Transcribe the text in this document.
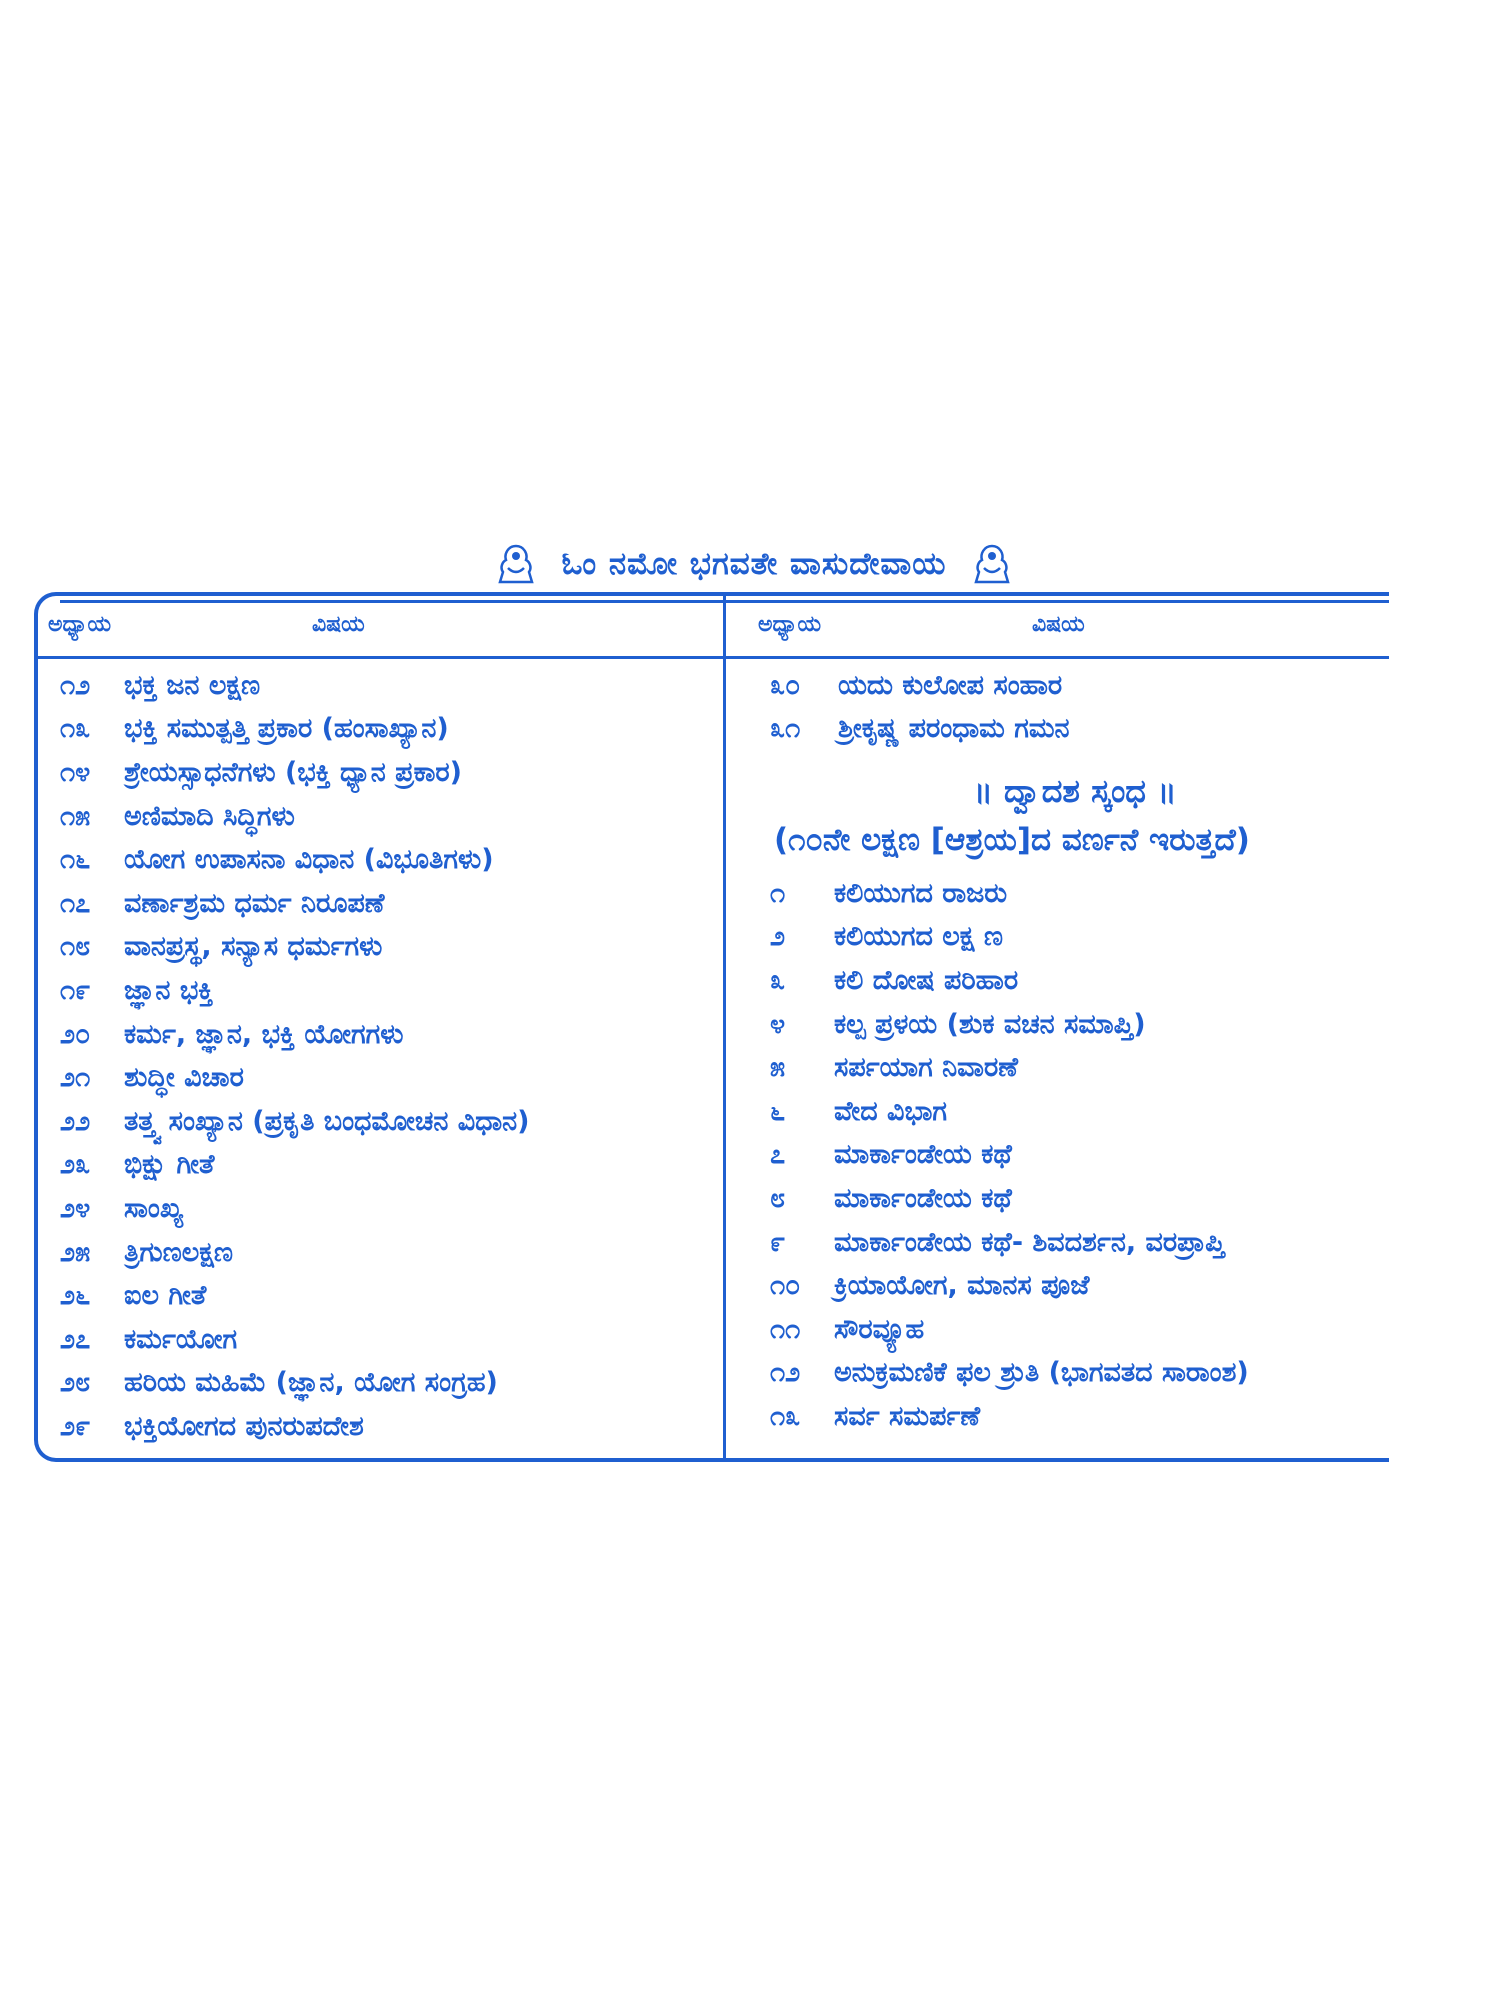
ಓಂ ನಮೋ ಭಗವತೇ ವಾಸುದೇವಾಯ
ಅಧ್ಯಾಯ	ವಿಷಯ	ಅಧ್ಯಾಯ	ವಿಷಯ
೧೨	ಭಕ್ತ ಜನ ಲಕ್ಷಣ
೧೩	ಭಕ್ತಿ ಸಮುತ್ಪತ್ತಿ ಪ್ರಕಾರ (ಹಂಸಾಖ್ಯಾನ)
೧೪	ಶ್ರೇಯಸ್ಸಾಧನೆಗಳು (ಭಕ್ತಿ ಧ್ಯಾನ ಪ್ರಕಾರ)
೧೫	ಅಣಿಮಾದಿ ಸಿದ್ಧಿಗಳು
೧೬	ಯೋಗ ಉಪಾಸನಾ ವಿಧಾನ (ವಿಭೂತಿಗಳು)
೧೭	ವರ್ಣಾಶ್ರಮ ಧರ್ಮ ನಿರೂಪಣೆ
೧೮	ವಾನಪ್ರಸ್ಥ, ಸನ್ಯಾಸ ಧರ್ಮಗಳು
೧೯	ಜ್ಞಾನ ಭಕ್ತಿ
೨೦	ಕರ್ಮ, ಜ್ಞಾನ, ಭಕ್ತಿ ಯೋಗಗಳು
೨೧	ಶುದ್ಧೀ ವಿಚಾರ
೨೨	ತತ್ತ್ವ ಸಂಖ್ಯಾನ (ಪ್ರಕೃತಿ ಬಂಧಮೋಚನ ವಿಧಾನ)
೨೩	ಭಿಕ್ಷು ಗೀತೆ
೨೪	ಸಾಂಖ್ಯ
೨೫	ತ್ರಿಗುಣಲಕ್ಷಣ
೨೬	ಐಲ ಗೀತೆ
೨೭	ಕರ್ಮಯೋಗ
೨೮	ಹರಿಯ ಮಹಿಮೆ (ಜ್ಞಾನ, ಯೋಗ ಸಂಗ್ರಹ)
೨೯	ಭಕ್ತಿಯೋಗದ ಪುನರುಪದೇಶ
೩೦	ಯದು ಕುಲೋಪ ಸಂಹಾರ
೩೧	ಶ್ರೀಕೃಷ್ಣ ಪರಂಧಾಮ ಗಮನ
॥ ದ್ವಾದಶ ಸ್ಕಂಧ ॥
(೧೦ನೇ ಲಕ್ಷಣ [ಆಶ್ರಯ]ದ ವರ್ಣನೆ ಇರುತ್ತದೆ)
೧	ಕಲಿಯುಗದ ರಾಜರು
೨	ಕಲಿಯುಗದ ಲಕ್ಷ ಣ
೩	ಕಲಿ ದೋಷ ಪರಿಹಾರ
೪	ಕಲ್ಪ ಪ್ರಳಯ (ಶುಕ ವಚನ ಸಮಾಪ್ತಿ)
೫	ಸರ್ಪಯಾಗ ನಿವಾರಣೆ
೬	ವೇದ ವಿಭಾಗ
೭	ಮಾರ್ಕಾಂಡೇಯ ಕಥೆ
೮	ಮಾರ್ಕಾಂಡೇಯ ಕಥೆ
೯	ಮಾರ್ಕಾಂಡೇಯ ಕಥೆ- ಶಿವದರ್ಶನ, ವರಪ್ರಾಪ್ತಿ
೧೦	ಕ್ರಿಯಾಯೋಗ, ಮಾನಸ ಪೂಜೆ
೧೧	ಸೌರವ್ಯೂಹ
೧೨	ಅನುಕ್ರಮಣಿಕೆ ಫಲ ಶ್ರುತಿ (ಭಾಗವತದ ಸಾರಾಂಶ)
೧೩	ಸರ್ವ ಸಮರ್ಪಣೆ
